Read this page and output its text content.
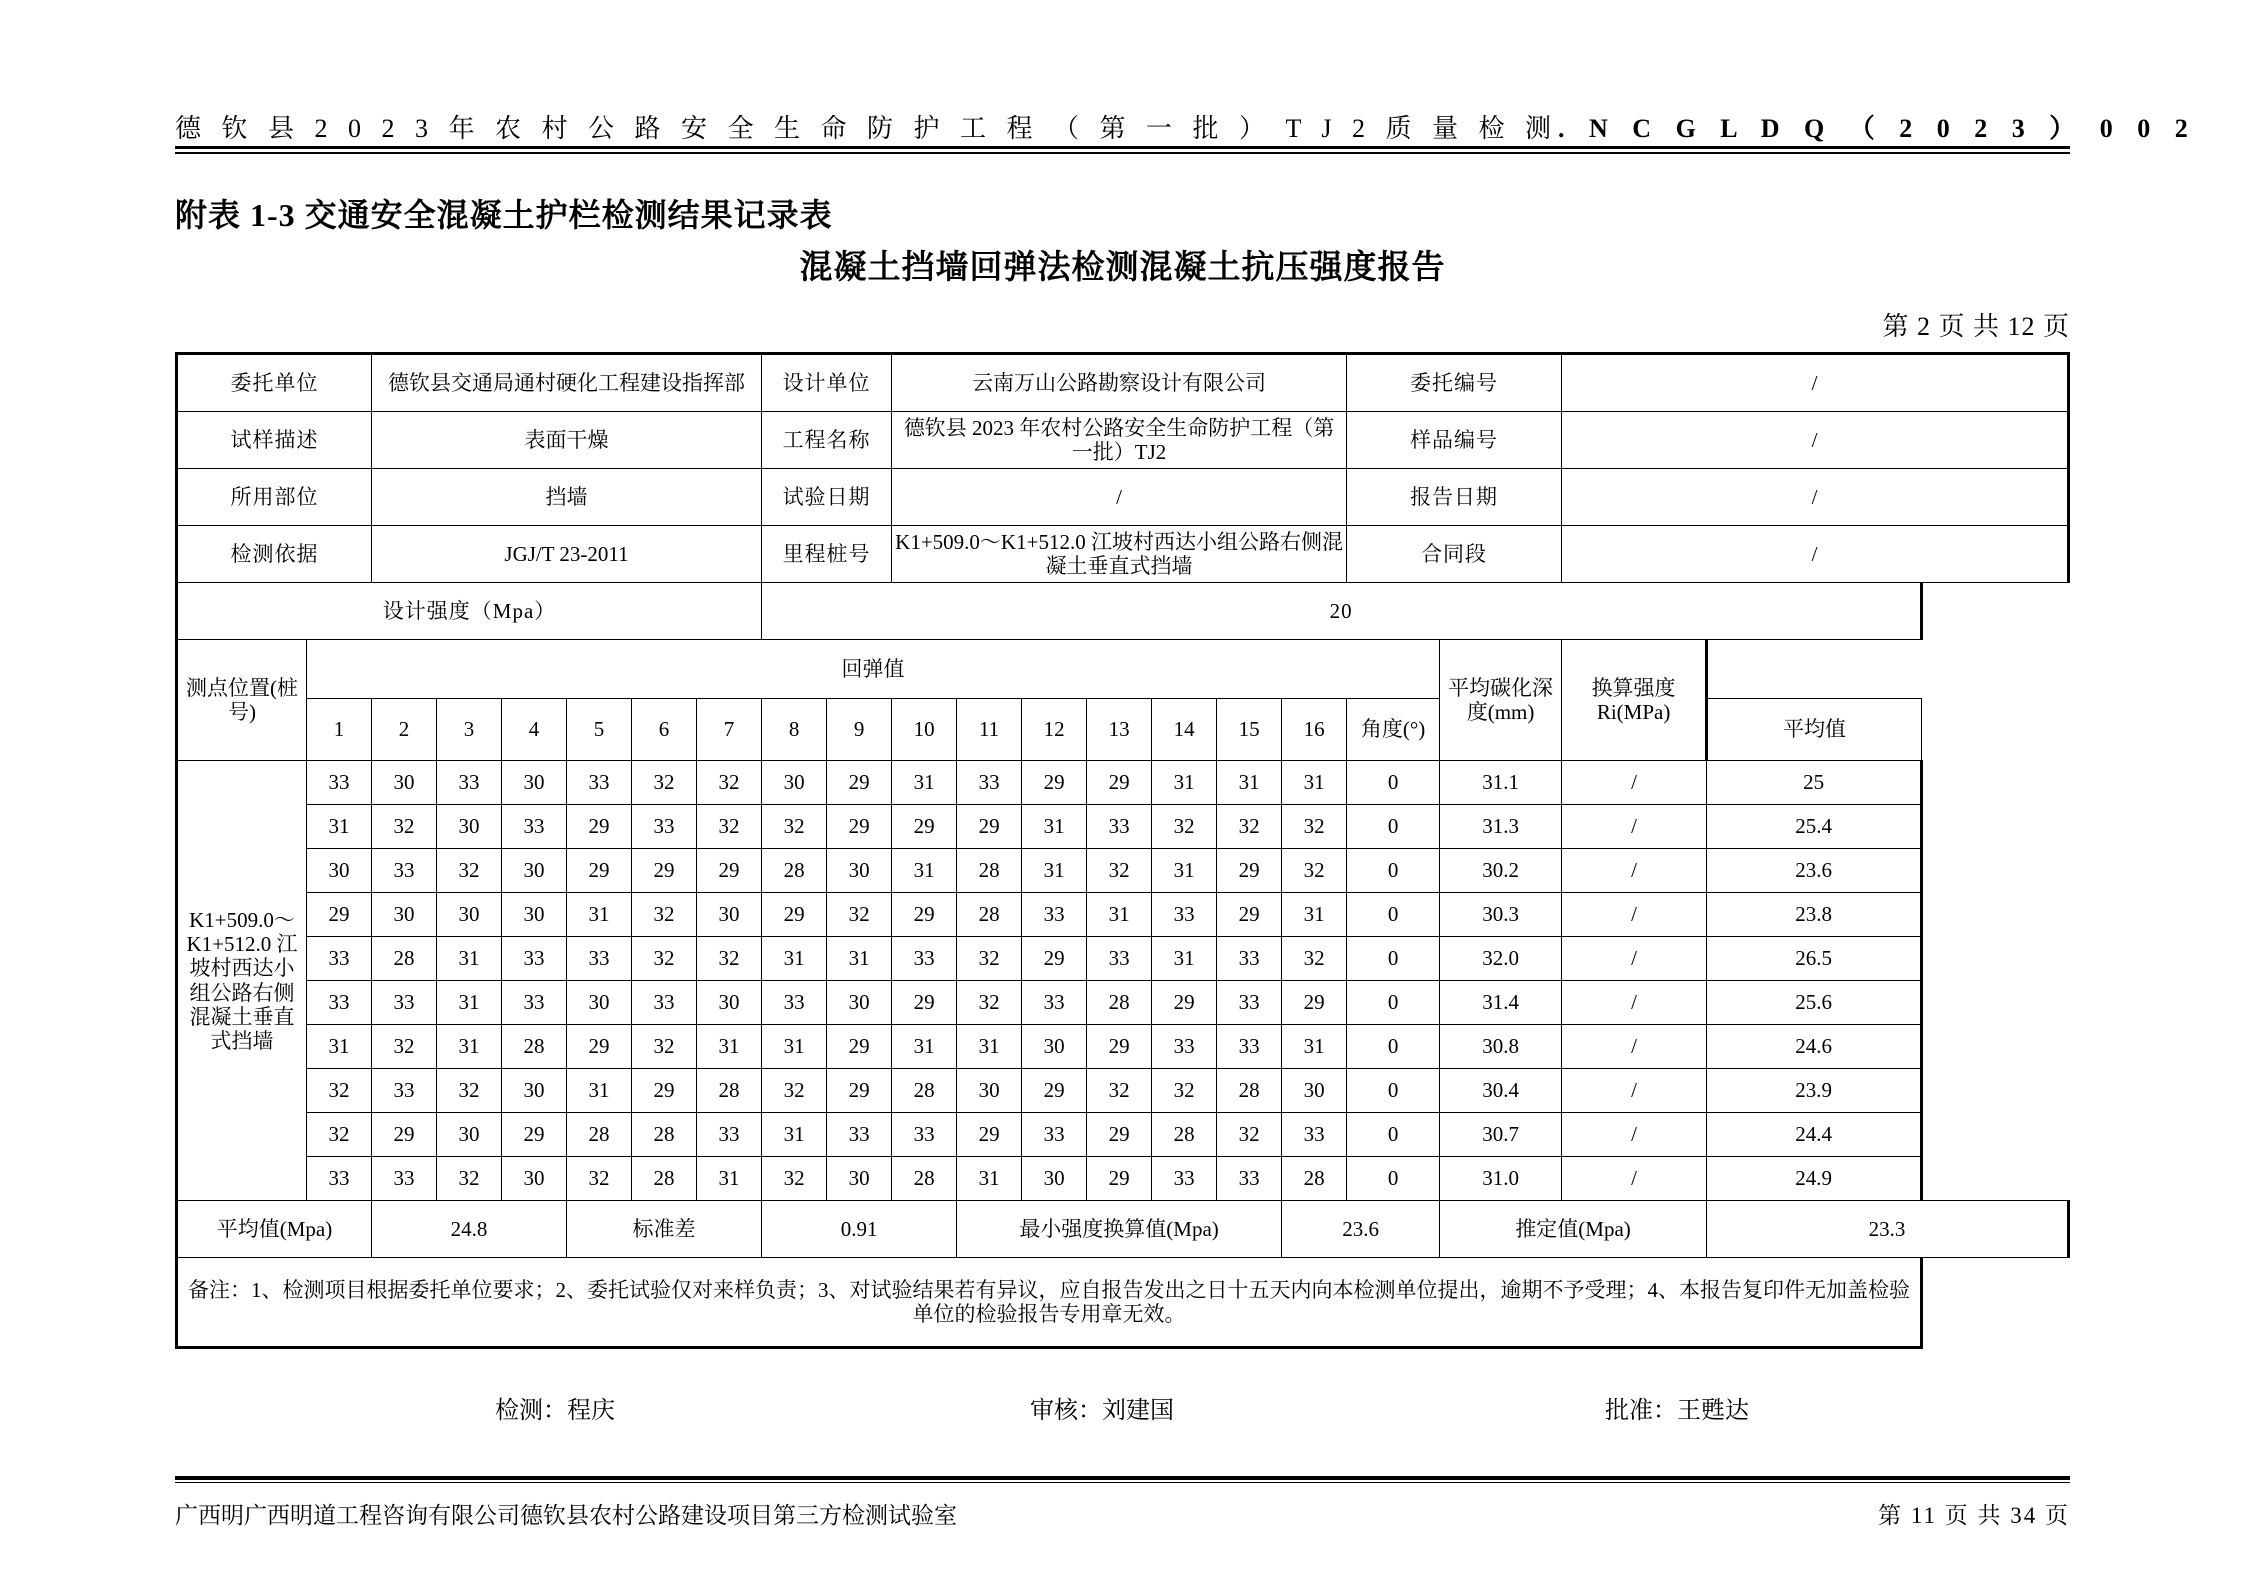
德 钦 县 2 0 2 3 年 农 村 公 路 安 全 生 命 防 护 工 程 （ 第 一 批 ） T J 2 质 量 检 测 . N C G L D Q （ 2 0 2 3 ） 0 0 2
附表 1-3 交通安全混凝土护栏检测结果记录表
混凝土挡墙回弹法检测混凝土抗压强度报告
第 2 页 共 12 页
委托单位		德钦县交通局通村硬化工程建设指挥部						设计单位		云南万山公路勘察设计有限公司							委托编号		/	
试样描述		表面干燥						工程名称		德钦县 2023 年农村公路安全生命防护工程（第一批）TJ2							样品编号		/	
所用部位		挡墙						试验日期		/							报告日期		/	
检测依据		JGJ/T 23-2011						里程桩号		K1+509.0～K1+512.0 江坡村西达小组公路右侧混凝土垂直式挡墙							合同段		/	
设计强度（Mpa）								20												
测点位置(桩号)	回弹值																	平均碳化深度(mm)	换算强度 Ri(MPa)	
	1	2	3	4	5	6	7	8	9	10	11	12	13	14	15	16	角度(°)			平均值
K1+509.0～K1+512.0 江坡村西达小组公路右侧混凝土垂直式挡墙	33	30	33	30	33	32	32	30	29	31	33	29	29	31	31	31	0	31.1	/	25
	31	32	30	33	29	33	32	32	29	29	29	31	33	32	32	32	0	31.3	/	25.4
	30	33	32	30	29	29	29	28	30	31	28	31	32	31	29	32	0	30.2	/	23.6
	29	30	30	30	31	32	30	29	32	29	28	33	31	33	29	31	0	30.3	/	23.8
	33	28	31	33	33	32	32	31	31	33	32	29	33	31	33	32	0	32.0	/	26.5
	33	33	31	33	30	33	30	33	30	29	32	33	28	29	33	29	0	31.4	/	25.6
	31	32	31	28	29	32	31	31	29	31	31	30	29	33	33	31	0	30.8	/	24.6
	32	33	32	30	31	29	28	32	29	28	30	29	32	32	28	30	0	30.4	/	23.9
	32	29	30	29	28	28	33	31	33	33	29	33	29	28	32	33	0	30.7	/	24.4
	33	33	32	30	32	28	31	32	30	28	31	30	29	33	33	28	0	31.0	/	24.9
平均值(Mpa)		24.8			标准差			0.91			最小强度换算值(Mpa)					23.6		推定值(Mpa)		23.3
备注：1、检测项目根据委托单位要求；2、委托试验仅对来样负责；3、对试验结果若有异议，应自报告发出之日十五天内向本检测单位提出，逾期不予受理；4、本报告复印件无加盖检验单位的检验报告专用章无效。																				
检测：程庆	审核：刘建国	批准：王甦达
广西明广西明道工程咨询有限公司德钦县农村公路建设项目第三方检测试验室	第 11 页 共 34 页
